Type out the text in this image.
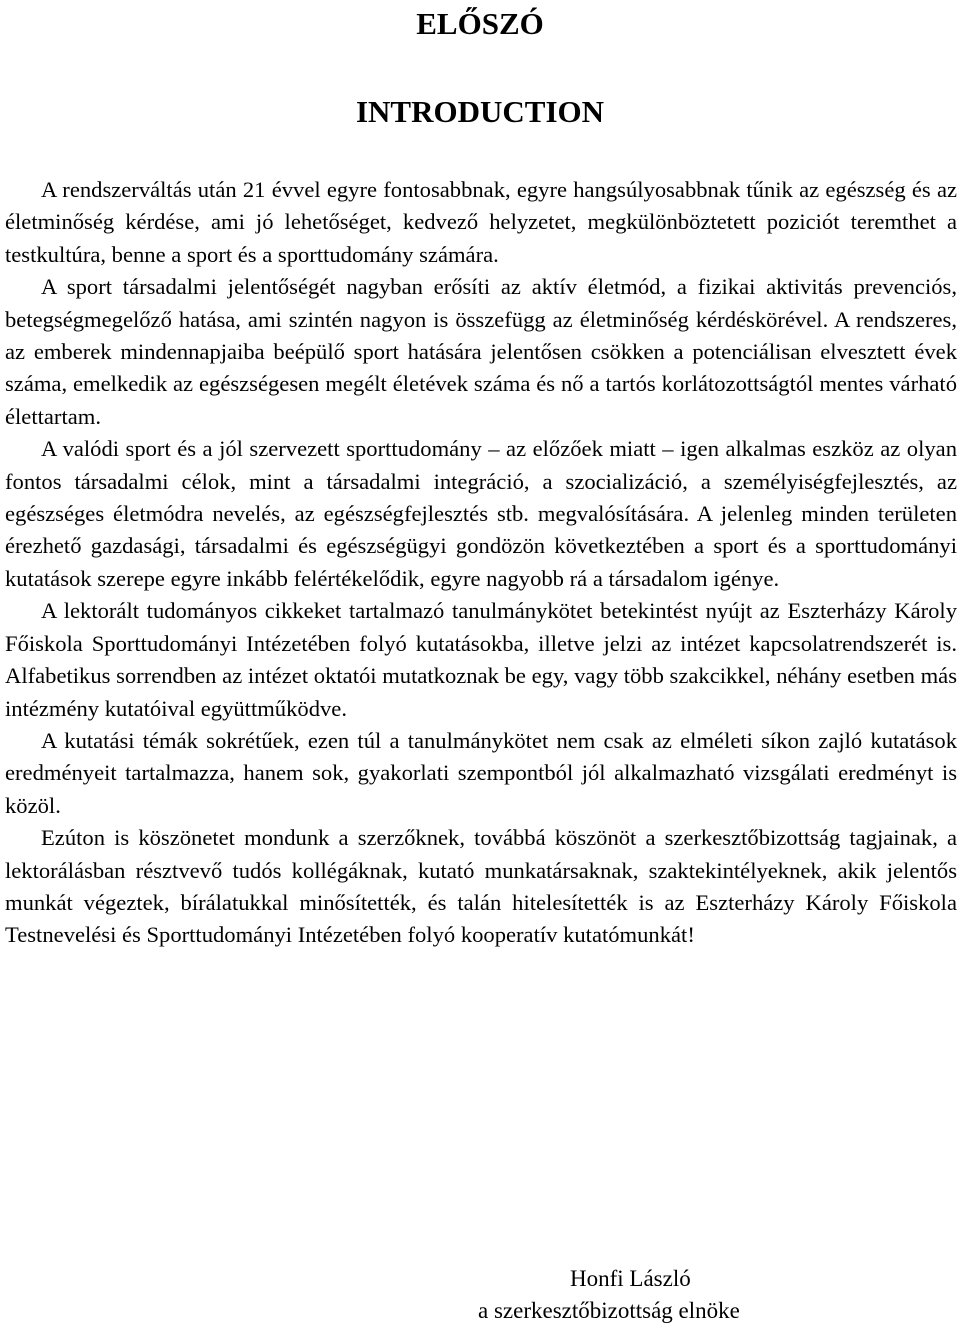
ELŐSZÓ
INTRODUCTION

A rendszerváltás után 21 évvel egyre fontosabbnak, egyre hangsúlyosabbnak tűnik az egészség és az életminőség kérdése, ami jó lehetőséget, kedvező helyzetet, megkülönböztetett poziciót teremthet a testkultúra, benne a sport és a sporttudomány számára.

A sport társadalmi jelentőségét nagyban erősíti az aktív életmód, a fizikai aktivitás prevenciós, betegségmegelőző hatása, ami szintén nagyon is összefügg az életminőség kérdéskörével. A rendszeres, az emberek mindennapjaiba beépülő sport hatására jelentősen csökken a potenciálisan elvesztett évek száma, emelkedik az egészségesen megélt életévek száma és nő a tartós korlátozottságtól mentes várható élettartam.

A valódi sport és a jól szervezett sporttudomány – az előzőek miatt – igen alkalmas eszköz az olyan fontos társadalmi célok, mint a társadalmi integráció, a szocializáció, a személyiségfejlesztés, az egészséges életmódra nevelés, az egészségfejlesztés stb. megvalósítására. A jelenleg minden területen érezhető gazdasági, társadalmi és egészségügyi gondözön következtében a sport és a sporttudományi kutatások szerepe egyre inkább felértékelődik, egyre nagyobb rá a társadalom igénye.

A lektorált tudományos cikkeket tartalmazó tanulmánykötet betekintést nyújt az Eszterházy Károly Főiskola Sporttudományi Intézetében folyó kutatásokba, illetve jelzi az intézet kapcsolatrendszerét is. Alfabetikus sorrendben az intézet oktatói mutatkoznak be egy, vagy több szakcikkel, néhány esetben más intézmény kutatóival együttműködve.

A kutatási témák sokrétűek, ezen túl a tanulmánykötet nem csak az elméleti síkon zajló kutatások eredményeit tartalmazza, hanem sok, gyakorlati szempontból jól alkalmazható vizsgálati eredményt is közöl.

Ezúton is köszönetet mondunk a szerzőknek, továbbá köszönöt a szerkesztőbizottság tagjainak, a lektorálásban résztvevő tudós kollégáknak, kutató munkatársaknak, szaktekintélyeknek, akik jelentős munkát végeztek, bírálatukkal minősítették, és talán hitelesítették is az Eszterházy Károly Főiskola Testnevelési és Sporttudományi Intézetében folyó kooperatív kutatómunkát!

Honfi László
a szerkesztőbizottság elnöke
